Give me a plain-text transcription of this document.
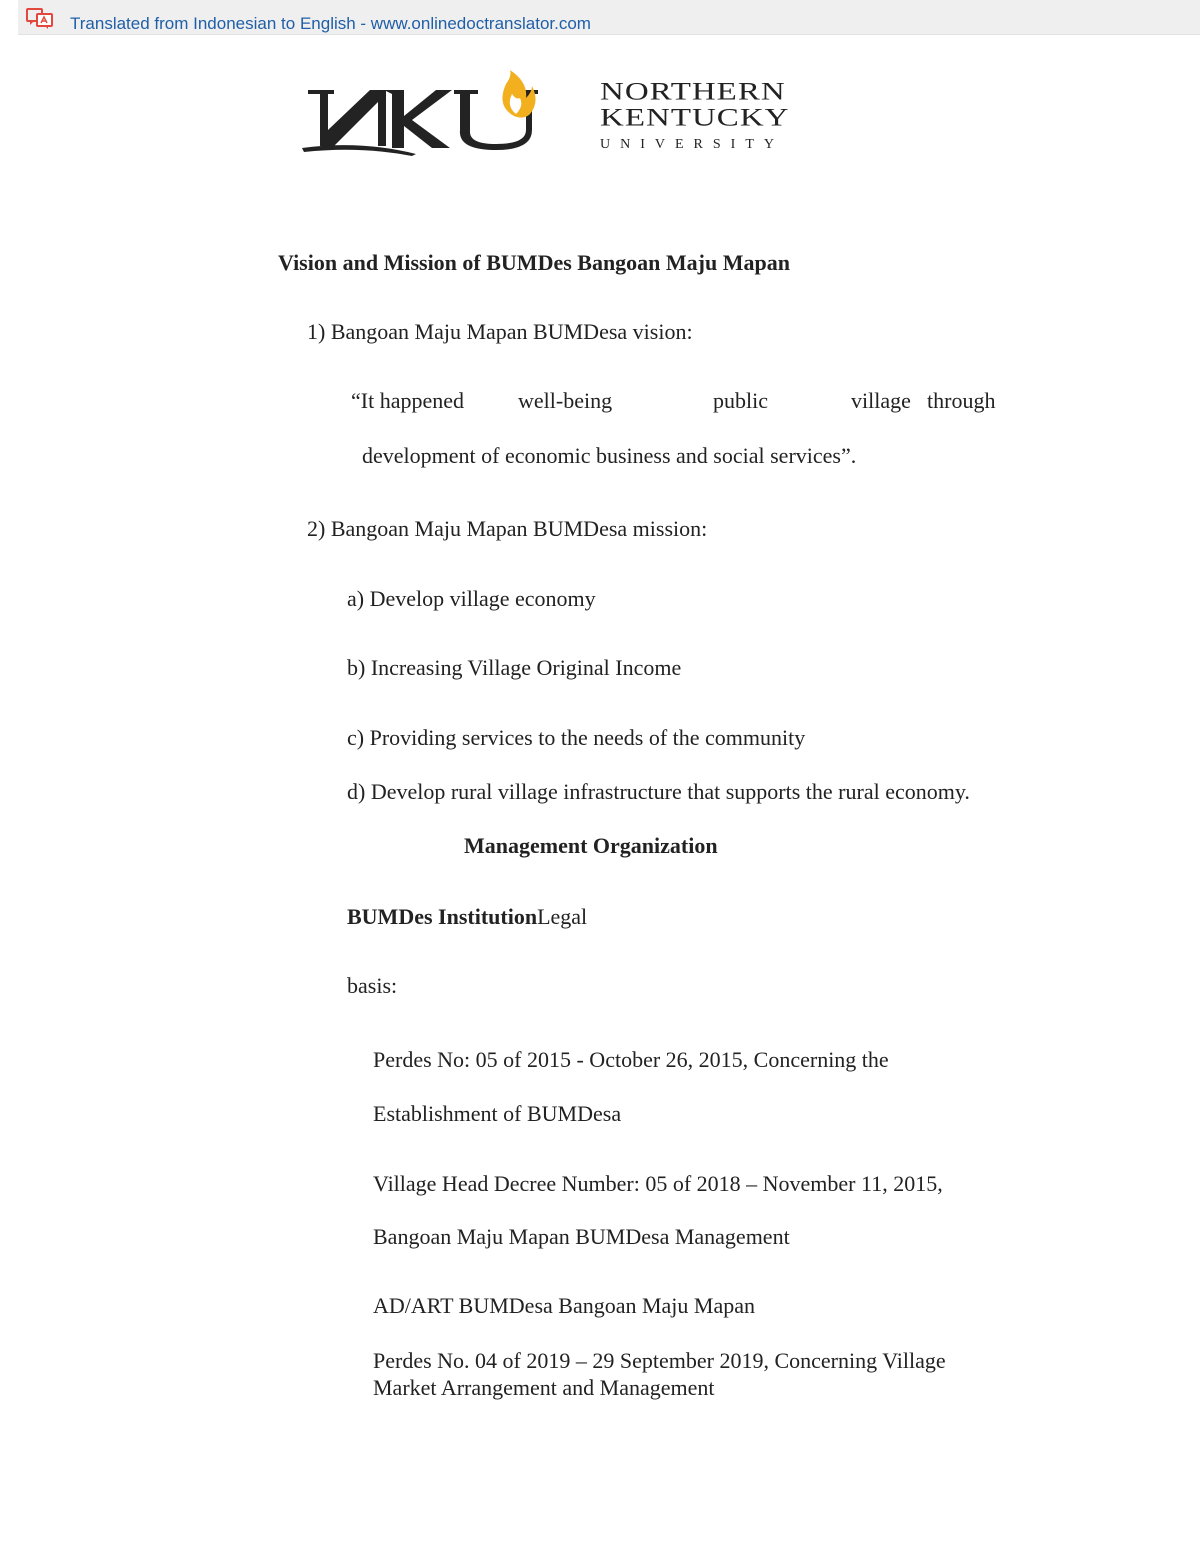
Translated from Indonesian to English - www.onlinedoctranslator.com
NORTHERN
KENTUCKY
UNIVERSITY
Vision and Mission of BUMDes Bangoan Maju Mapan
1) Bangoan Maju Mapan BUMDesa vision:
“It happened well-being	public	village through
development of economic business and social services”.
2) Bangoan Maju Mapan BUMDesa mission:
a) Develop village economy
b) Increasing Village Original Income
c) Providing services to the needs of the community
d) Develop rural village infrastructure that supports the rural economy.
Management Organization
BUMDes InstitutionLegal
basis:
Perdes No: 05 of 2015 - October 26, 2015, Concerning the
Establishment of BUMDesa
Village Head Decree Number: 05 of 2018 – November 11, 2015,
Bangoan Maju Mapan BUMDesa Management
AD/ART BUMDesa Bangoan Maju Mapan
Perdes No. 04 of 2019 – 29 September 2019, Concerning Village
Market Arrangement and Management
